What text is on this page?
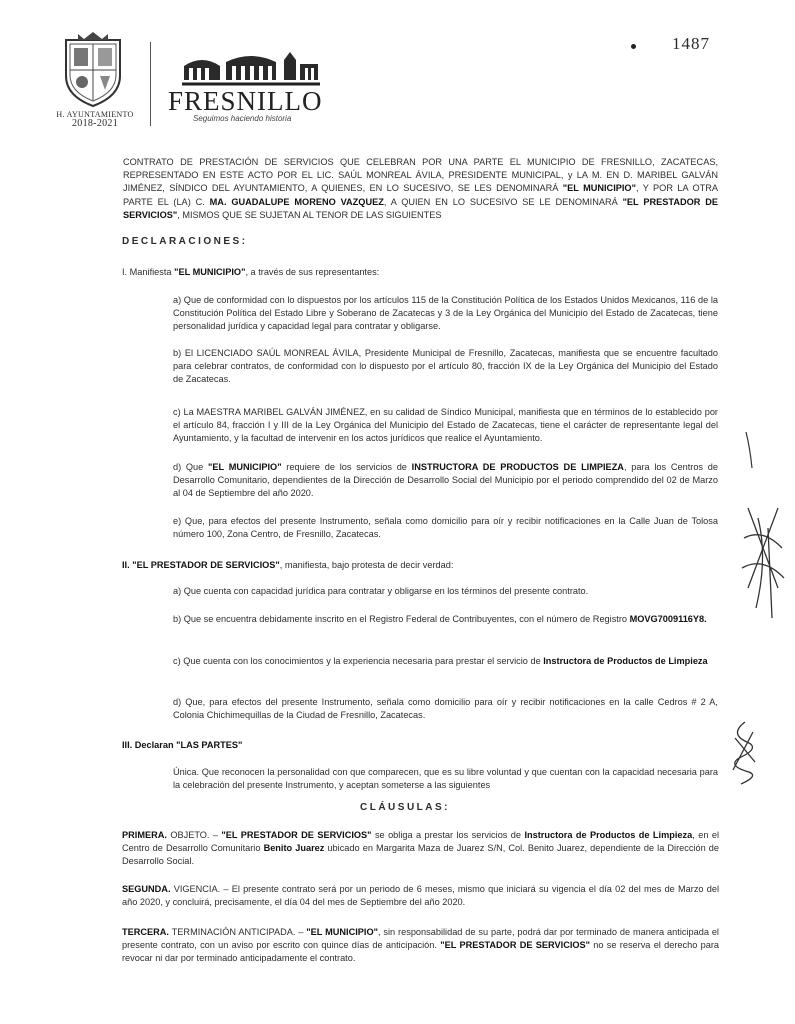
H. AYUNTAMIENTO
2018-2021
FRESNILLO
Seguimos haciendo historia
1487
CONTRATO DE PRESTACIÓN DE SERVICIOS QUE CELEBRAN POR UNA PARTE EL MUNICIPIO DE FRESNILLO, ZACATECAS, REPRESENTADO EN ESTE ACTO POR EL LIC. SAÚL MONREAL ÁVILA, PRESIDENTE MUNICIPAL, y LA M. EN D. MARIBEL GALVÁN JIMÉNEZ, SÍNDICO DEL AYUNTAMIENTO, A QUIENES, EN LO SUCESIVO, SE LES DENOMINARÁ "EL MUNICIPIO", Y POR LA OTRA PARTE EL (LA) C. MA. GUADALUPE MORENO VAZQUEZ, A QUIEN EN LO SUCESIVO SE LE DENOMINARÁ "EL PRESTADOR DE SERVICIOS", MISMOS QUE SE SUJETAN AL TENOR DE LAS SIGUIENTES
DECLARACIONES:
I. Manifiesta "EL MUNICIPIO", a través de sus representantes:
a) Que de conformidad con lo dispuestos por los artículos 115 de la Constitución Política de los Estados Unidos Mexicanos, 116 de la Constitución Política del Estado Libre y Soberano de Zacatecas y 3 de la Ley Orgánica del Municipio del Estado de Zacatecas, tiene personalidad jurídica y capacidad legal para contratar y obligarse.
b) El LICENCIADO SAÚL MONREAL ÁVILA, Presidente Municipal de Fresnillo, Zacatecas, manifiesta que se encuentre facultado para celebrar contratos, de conformidad con lo dispuesto por el artículo 80, fracción IX de la Ley Orgánica del Municipio del Estado de Zacatecas.
c) La MAESTRA MARIBEL GALVÁN JIMÉNEZ, en su calidad de Síndico Municipal, manifiesta que en términos de lo establecido por el artículo 84, fracción I y III de la Ley Orgánica del Municipio del Estado de Zacatecas, tiene el carácter de representante legal del Ayuntamiento, y la facultad de intervenir en los actos jurídicos que realice el Ayuntamiento.
d) Que "EL MUNICIPIO" requiere de los servicios de INSTRUCTORA DE PRODUCTOS DE LIMPIEZA, para los Centros de Desarrollo Comunitario, dependientes de la Dirección de Desarrollo Social del Municipio por el periodo comprendido del 02 de Marzo al 04 de Septiembre del año 2020.
e) Que, para efectos del presente Instrumento, señala como domicilio para oír y recibir notificaciones en la Calle Juan de Tolosa número 100, Zona Centro, de Fresnillo, Zacatecas.
II. "EL PRESTADOR DE SERVICIOS", manifiesta, bajo protesta de decir verdad:
a) Que cuenta con capacidad jurídica para contratar y obligarse en los términos del presente contrato.
b) Que se encuentra debidamente inscrito en el Registro Federal de Contribuyentes, con el número de Registro MOVG7009116Y8.
c) Que cuenta con los conocimientos y la experiencia necesaria para prestar el servicio de Instructora de Productos de Limpieza
d) Que, para efectos del presente Instrumento, señala como domicilio para oír y recibir notificaciones en la calle Cedros # 2 A, Colonia Chichimequillas de la Ciudad de Fresnillo, Zacatecas.
III. Declaran "LAS PARTES"
Única. Que reconocen la personalidad con que comparecen, que es su libre voluntad y que cuentan con la capacidad necesaria para la celebración del presente Instrumento, y aceptan someterse a las siguientes
CLÁUSULAS:
PRIMERA. OBJETO. – "EL PRESTADOR DE SERVICIOS" se obliga a prestar los servicios de Instructora de Productos de Limpieza, en el Centro de Desarrollo Comunitario Benito Juarez ubicado en Margarita Maza de Juarez S/N, Col. Benito Juarez, dependiente de la Dirección de Desarrollo Social.
SEGUNDA. VIGENCIA. – El presente contrato será por un periodo de 6 meses, mismo que iniciará su vigencia el día 02 del mes de Marzo del año 2020, y concluirá, precisamente, el día 04 del mes de Septiembre del año 2020.
TERCERA. TERMINACIÓN ANTICIPADA. – "EL MUNICIPIO", sin responsabilidad de su parte, podrá dar por terminado de manera anticipada el presente contrato, con un aviso por escrito con quince días de anticipación. "EL PRESTADOR DE SERVICIOS" no se reserva el derecho para revocar ni dar por terminado anticipadamente el contrato.
